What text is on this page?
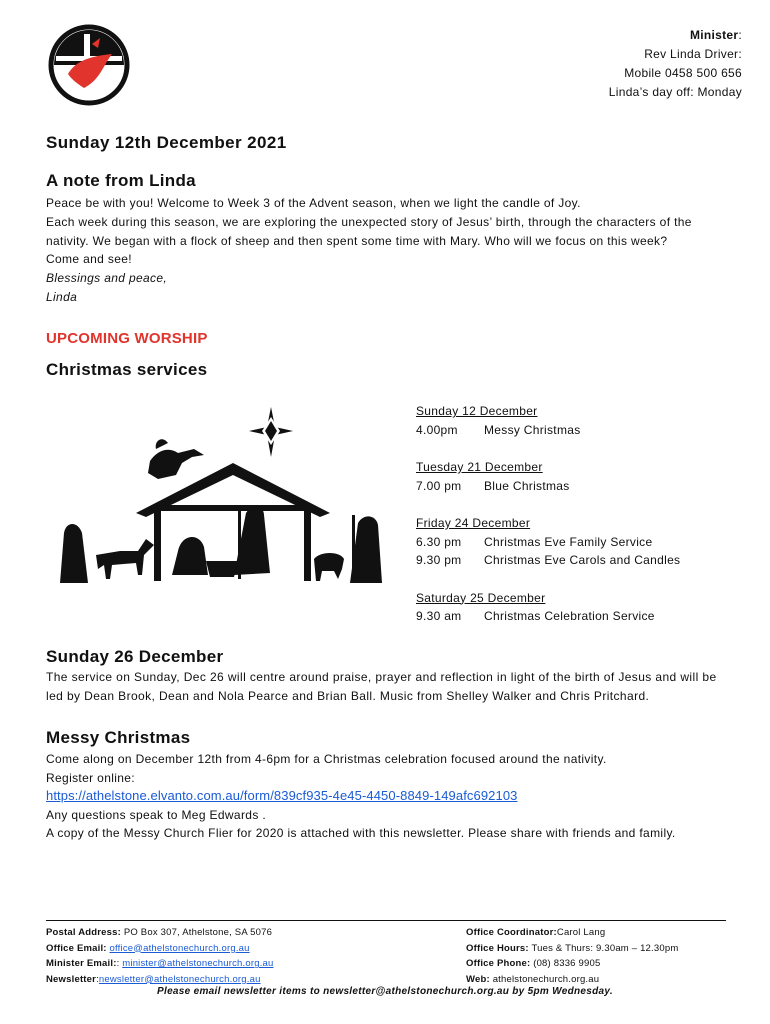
Minister:
Rev Linda Driver:
Mobile 0458 500 656
Linda’s day off: Monday
Sunday 12th December 2021
A note from Linda

Peace be with you! Welcome to Week 3 of the Advent season, when we light the candle of Joy.

Each week during this season, we are exploring the unexpected story of Jesus’ birth, through the characters of the nativity. We began with a flock of sheep and then spent some time with Mary. Who will we focus on this week?

Come and see!

Blessings and peace,

Linda

UPCOMING WORSHIP
Christmas services
Sunday 12 December
4.00pm	Messy Christmas
Tuesday 21 December
7.00 pm	Blue Christmas
Friday 24 December
6.30 pm	Christmas Eve Family Service
9.30 pm	Christmas Eve Carols and Candles
Saturday 25 December
9.30 am	Christmas Celebration Service
Sunday 26 December

The service on Sunday, Dec 26 will centre around praise, prayer and reflection in light of the birth of Jesus and will be led by Dean Brook, Dean and Nola Pearce and Brian Ball. Music from Shelley Walker and Chris Pritchard.

Messy Christmas

Come along on December 12th from 4-6pm for a Christmas celebration focused around the nativity.

Register online:

https://athelstone.elvanto.com.au/form/839cf935-4e45-4450-8849-149afc692103

Any questions speak to Meg Edwards .

A copy of the Messy Church Flier for 2020 is attached with this newsletter. Please share with friends and family.

Postal Address: PO Box 307, Athelstone, SA 5076
Office Email: office@athelstonechurch.org.au
Minister Email:: minister@athelstonechurch.org.au
Newsletter:newsletter@athelstonechurch.org.au
Office Coordinator:Carol Lang
Office Hours: Tues & Thurs: 9.30am – 12.30pm
Office Phone: (08) 8336 9905
Web: athelstonechurch.org.au
Please email newsletter items to newsletter@athelstonechurch.org.au by 5pm Wednesday.
